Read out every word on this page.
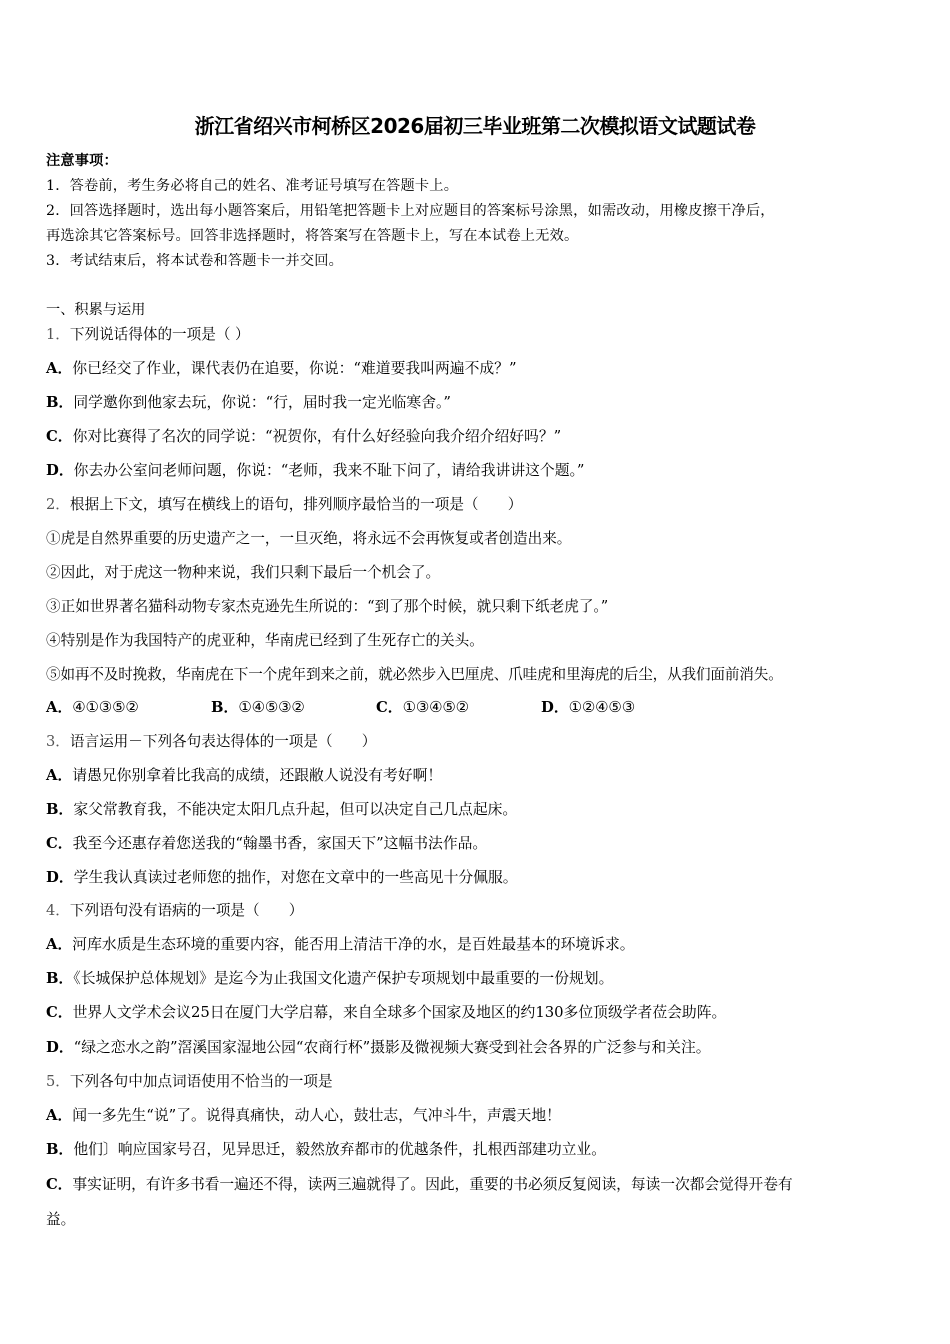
浙江省绍兴市柯桥区2026届初三毕业班第二次模拟语文试题试卷
注意事项：
1．答卷前，考生务必将自己的姓名、准考证号填写在答题卡上。
2．回答选择题时，选出每小题答案后，用铅笔把答题卡上对应题目的答案标号涂黑，如需改动，用橡皮擦干净后，
再选涂其它答案标号。回答非选择题时，将答案写在答题卡上，写在本试卷上无效。
3．考试结束后，将本试卷和答题卡一并交回。
一、积累与运用
1．下列说话得体的一项是（ ）
A．你已经交了作业，课代表仍在追要，你说：“难道要我叫两遍不成？”
B．同学邀你到他家去玩，你说：“行，届时我一定光临寒舍。”
C．你对比赛得了名次的同学说：“祝贺你，有什么好经验向我介绍介绍好吗？”
D．你去办公室问老师问题，你说：“老师，我来不耻下问了，请给我讲讲这个题。”
2．根据上下文，填写在横线上的语句，排列顺序最恰当的一项是（　　）
①虎是自然界重要的历史遗产之一，一旦灭绝，将永远不会再恢复或者创造出来。
②因此，对于虎这一物种来说，我们只剩下最后一个机会了。
③正如世界著名猫科动物专家杰克逊先生所说的：“到了那个时候，就只剩下纸老虎了。”
④特别是作为我国特产的虎亚种，华南虎已经到了生死存亡的关头。
⑤如再不及时挽救，华南虎在下一个虎年到来之前，就必然步入巴厘虎、爪哇虎和里海虎的后尘，从我们面前消失。
A．④①③⑤②	B．①④⑤③②	C．①③④⑤②	D．①②④⑤③
3．语言运用－下列各句表达得体的一项是（　　）
A．请愚兄你别拿着比我高的成绩，还跟敝人说没有考好啊！
B．家父常教育我，不能决定太阳几点升起，但可以决定自己几点起床。
C．我至今还惠存着您送我的“翰墨书香，家国天下”这幅书法作品。
D．学生我认真读过老师您的拙作，对您在文章中的一些高见十分佩服。
4．下列语句没有语病的一项是（　　）
A．河库水质是生态环境的重要内容，能否用上清洁干净的水，是百姓最基本的环境诉求。
B．《长城保护总体规划》是迄今为止我国文化遗产保护专项规划中最重要的一份规划。
C．世界人文学术会议25日在厦门大学启幕，来自全球多个国家及地区的约130多位顶级学者莅会助阵。
D．“绿之恋水之韵”滘溪国家湿地公园“农商行杯”摄影及微视频大赛受到社会各界的广泛参与和关注。
5．下列各句中加点词语使用不恰当的一项是
A．闻一多先生“说”了。说得真痛快，动人心，鼓壮志，气冲斗牛，声震天地！
B．他们〕响应国家号召，见异思迁，毅然放弃都市的优越条件，扎根西部建功立业。
C．事实证明，有许多书看一遍还不得，读两三遍就得了。因此，重要的书必须反复阅读，每读一次都会觉得开卷有
益。
